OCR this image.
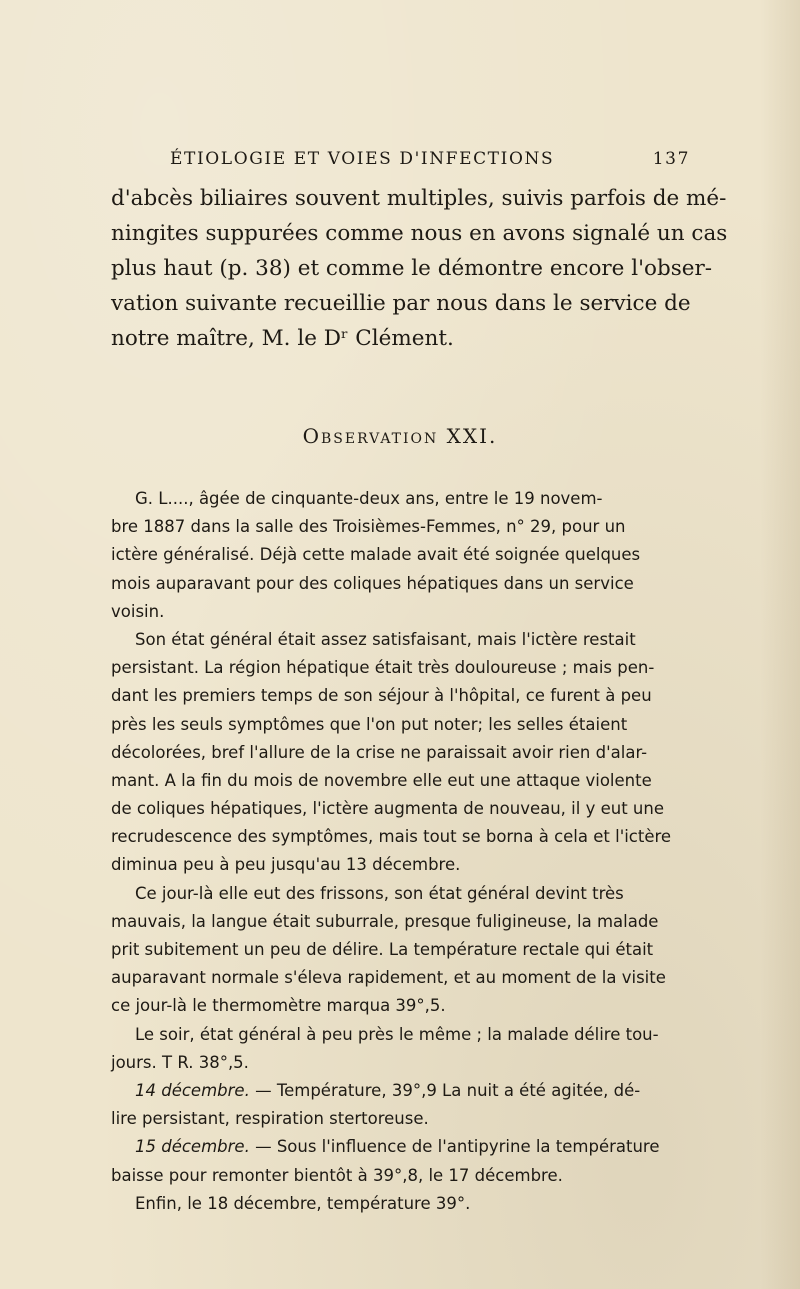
ÉTIOLOGIE ET VOIES D'INFECTIONS	137
d'abcès biliaires souvent multiples, suivis parfois de mé-
ningites suppurées comme nous en avons signalé un cas
plus haut (p. 38) et comme le démontre encore l'obser-
vation suivante recueillie par nous dans le service de
notre maître, M. le Dʳ Clément.
Observation XXI.
G. L...., âgée de cinquante-deux ans, entre le 19 novem-
bre 1887 dans la salle des Troisièmes-Femmes, n° 29, pour un
ictère généralisé. Déjà cette malade avait été soignée quelques
mois auparavant pour des coliques hépatiques dans un service
voisin.
Son état général était assez satisfaisant, mais l'ictère restait
persistant. La région hépatique était très douloureuse ; mais pen-
dant les premiers temps de son séjour à l'hôpital, ce furent à peu
près les seuls symptômes que l'on put noter; les selles étaient
décolorées, bref l'allure de la crise ne paraissait avoir rien d'alar-
mant. A la fin du mois de novembre elle eut une attaque violente
de coliques hépatiques, l'ictère augmenta de nouveau, il y eut une
recrudescence des symptômes, mais tout se borna à cela et l'ictère
diminua peu à peu jusqu'au 13 décembre.
Ce jour-là elle eut des frissons, son état général devint très
mauvais, la langue était suburrale, presque fuligineuse, la malade
prit subitement un peu de délire. La température rectale qui était
auparavant normale s'éleva rapidement, et au moment de la visite
ce jour-là le thermomètre marqua 39°,5.
Le soir, état général à peu près le même ; la malade délire tou-
jours. T R. 38°,5.
14 décembre. — Température, 39°,9 La nuit a été agitée, dé-
lire persistant, respiration stertoreuse.
15 décembre. — Sous l'influence de l'antipyrine la température
baisse pour remonter bientôt à 39°,8, le 17 décembre.
Enfin, le 18 décembre, température 39°.
